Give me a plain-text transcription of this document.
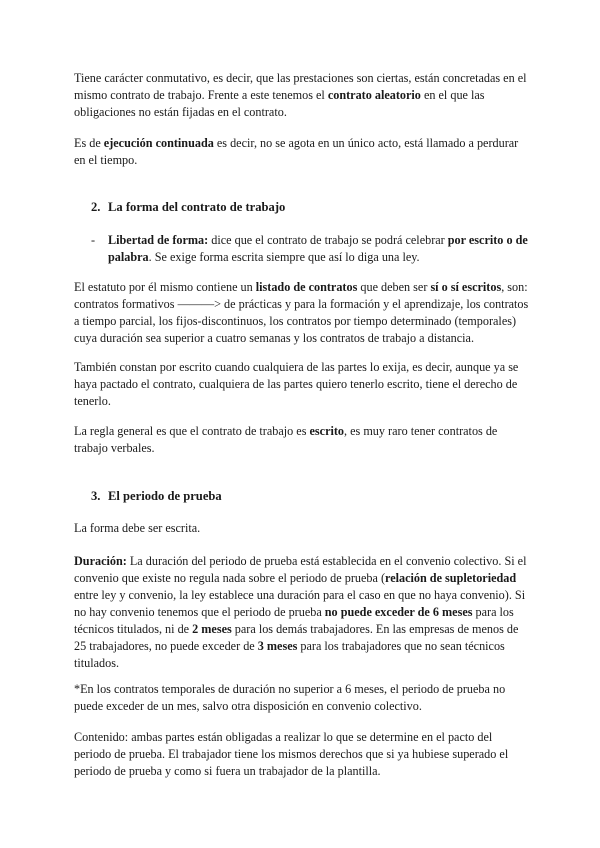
Tiene carácter conmutativo, es decir, que las prestaciones son ciertas, están concretadas en el mismo contrato de trabajo. Frente a este tenemos el contrato aleatorio en el que las obligaciones no están fijadas en el contrato.

Es de ejecución continuada es decir, no se agota en un único acto, está llamado a perdurar en el tiempo.

2. La forma del contrato de trabajo
- Libertad de forma: dice que el contrato de trabajo se podrá celebrar por escrito o de palabra. Se exige forma escrita siempre que así lo diga una ley.

El estatuto por él mismo contiene un listado de contratos que deben ser sí o sí escritos, son: contratos formativos ———> de prácticas y para la formación y el aprendizaje, los contratos a tiempo parcial, los fijos-discontinuos, los contratos por tiempo determinado (temporales) cuya duración sea superior a cuatro semanas y los contratos de trabajo a distancia.

También constan por escrito cuando cualquiera de las partes lo exija, es decir, aunque ya se haya pactado el contrato, cualquiera de las partes quiero tenerlo escrito, tiene el derecho de tenerlo.

La regla general es que el contrato de trabajo es escrito, es muy raro tener contratos de trabajo verbales.

3. El periodo de prueba

La forma debe ser escrita.

Duración: La duración del periodo de prueba está establecida en el convenio colectivo. Si el convenio que existe no regula nada sobre el periodo de prueba (relación de supletoriedad entre ley y convenio, la ley establece una duración para el caso en que no haya convenio). Si no hay convenio tenemos que el periodo de prueba no puede exceder de 6 meses para los técnicos titulados, ni de 2 meses para los demás trabajadores. En las empresas de menos de 25 trabajadores, no puede exceder de 3 meses para los trabajadores que no sean técnicos titulados.

*En los contratos temporales de duración no superior a 6 meses, el periodo de prueba no puede exceder de un mes, salvo otra disposición en convenio colectivo.

Contenido: ambas partes están obligadas a realizar lo que se determine en el pacto del periodo de prueba. El trabajador tiene los mismos derechos que si ya hubiese superado el periodo de prueba y como si fuera un trabajador de la plantilla.
